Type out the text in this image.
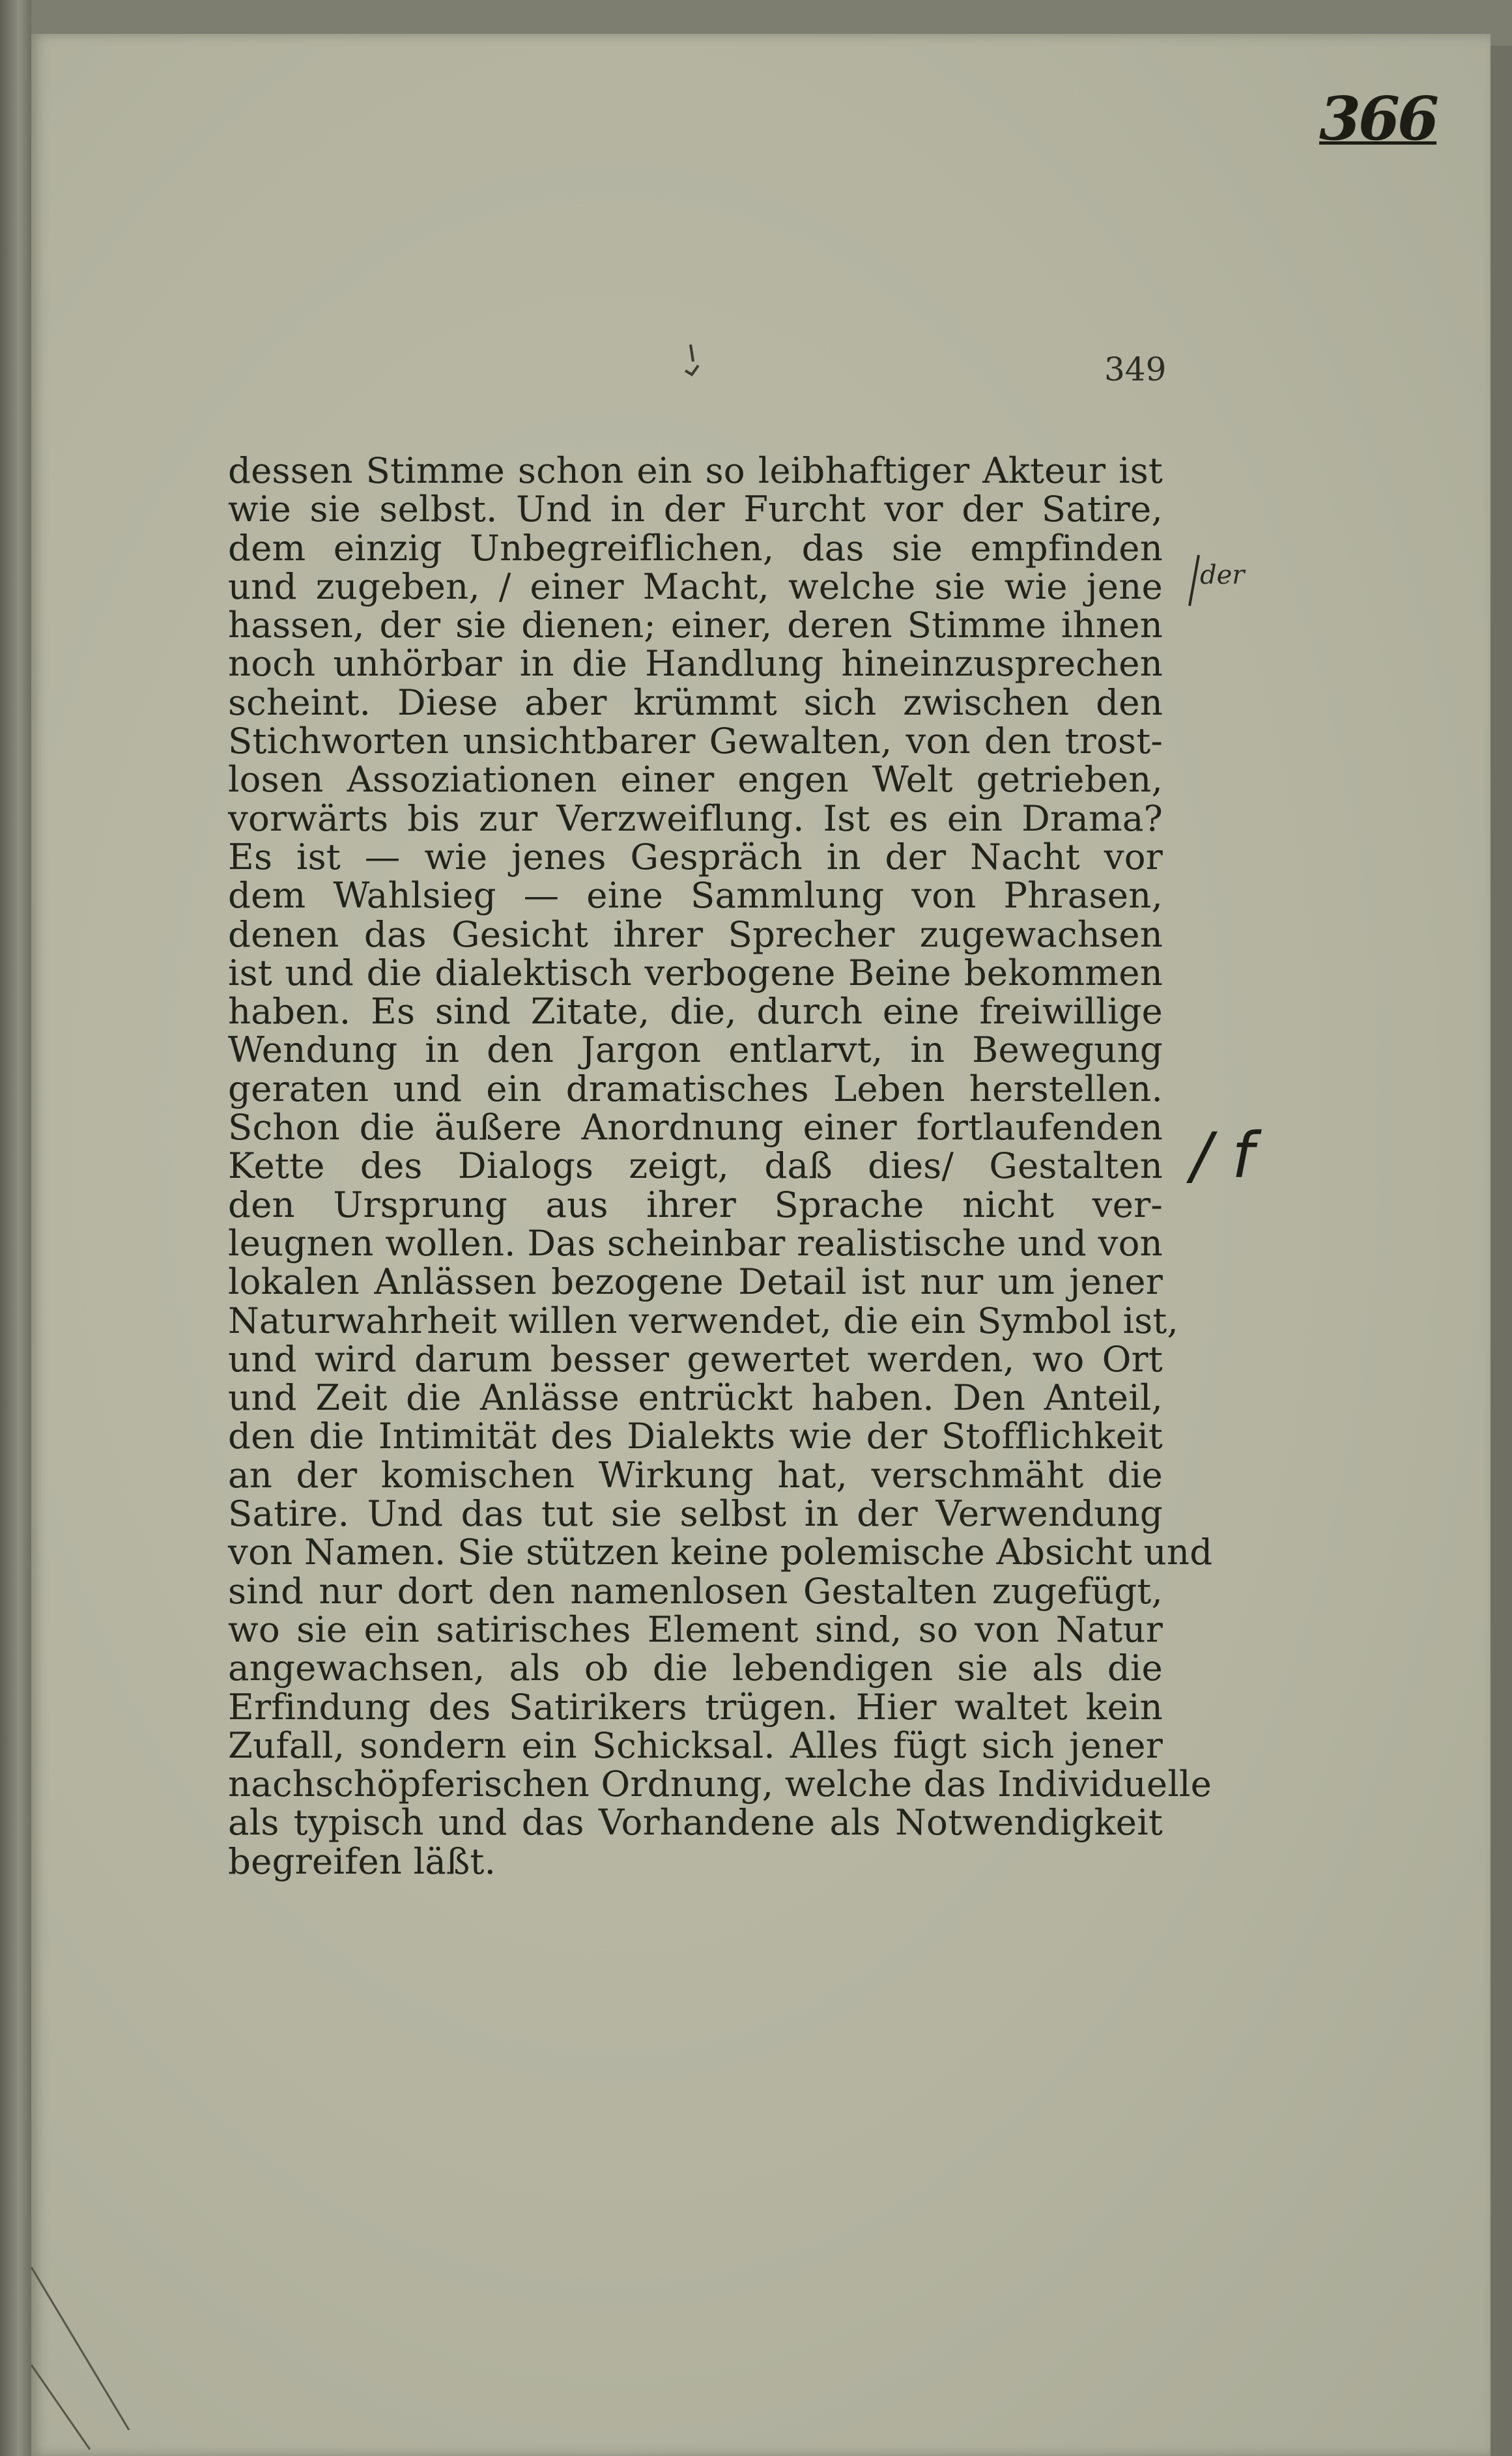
366
349
der
/ f
dessen Stimme schon ein so leibhaftiger Akteur ist
wie sie selbst. Und in der Furcht vor der Satire,
dem einzig Unbegreiflichen, das sie empfinden
und zugeben, / einer Macht, welche sie wie jene
hassen, der sie dienen; einer, deren Stimme ihnen
noch unhörbar in die Handlung hineinzusprechen
scheint. Diese aber krümmt sich zwischen den
Stichworten unsichtbarer Gewalten, von den trost-
losen Assoziationen einer engen Welt getrieben,
vorwärts bis zur Verzweiflung. Ist es ein Drama?
Es ist — wie jenes Gespräch in der Nacht vor
dem Wahlsieg — eine Sammlung von Phrasen,
denen das Gesicht ihrer Sprecher zugewachsen
ist und die dialektisch verbogene Beine bekommen
haben. Es sind Zitate, die, durch eine freiwillige
Wendung in den Jargon entlarvt, in Bewegung
geraten und ein dramatisches Leben herstellen.
Schon die äußere Anordnung einer fortlaufenden
Kette des Dialogs zeigt, daß dies/ Gestalten
den Ursprung aus ihrer Sprache nicht ver-
leugnen wollen. Das scheinbar realistische und von
lokalen Anlässen bezogene Detail ist nur um jener
Naturwahrheit willen verwendet, die ein Symbol ist,
und wird darum besser gewertet werden, wo Ort
und Zeit die Anlässe entrückt haben. Den Anteil,
den die Intimität des Dialekts wie der Stofflichkeit
an der komischen Wirkung hat, verschmäht die
Satire. Und das tut sie selbst in der Verwendung
von Namen. Sie stützen keine polemische Absicht und
sind nur dort den namenlosen Gestalten zugefügt,
wo sie ein satirisches Element sind, so von Natur
angewachsen, als ob die lebendigen sie als die
Erfindung des Satirikers trügen. Hier waltet kein
Zufall, sondern ein Schicksal. Alles fügt sich jener
nachschöpferischen Ordnung, welche das Individuelle
als typisch und das Vorhandene als Notwendigkeit
begreifen läßt.
